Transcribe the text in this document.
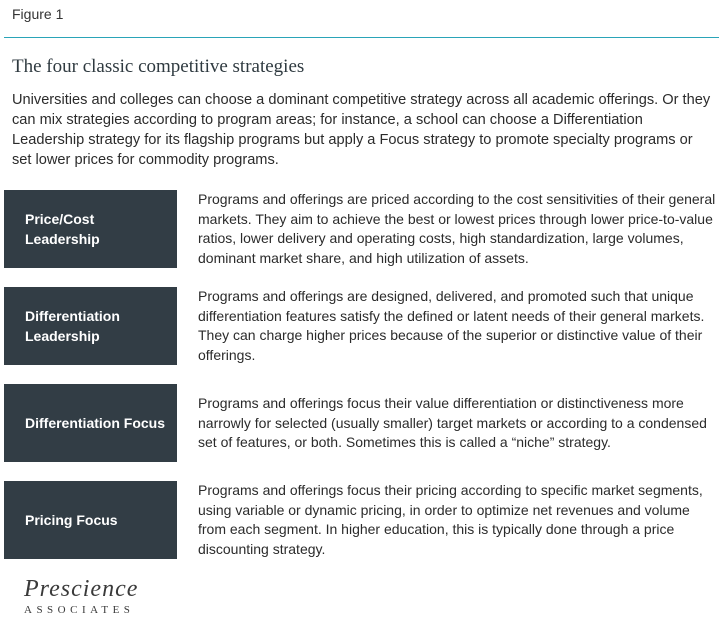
Figure 1
The four classic competitive strategies
Universities and colleges can choose a dominant competitive strategy across all academic offerings. Or they can mix strategies according to program areas; for instance, a school can choose a Differentiation Leadership strategy for its flagship programs but apply a Focus strategy to promote specialty programs or set lower prices for commodity programs.
Price/Cost
Leadership
Programs and offerings are priced according to the cost sensitivities of their general markets. They aim to achieve the best or lowest prices through lower price-to-value ratios, lower delivery and operating costs, high standardization, large volumes, dominant market share, and high utilization of assets.
Differentiation
Leadership
Programs and offerings are designed, delivered, and promoted such that unique differentiation features satisfy the defined or latent needs of their general markets. They can charge higher prices because of the superior or distinctive value of their offerings.
Differentiation Focus
Programs and offerings focus their value differentiation or distinctiveness more narrowly for selected (usually smaller) target markets or according to a condensed set of features, or both. Sometimes this is called a “niche” strategy.
Pricing Focus
Programs and offerings focus their pricing according to specific market segments, using variable or dynamic pricing, in order to optimize net revenues and volume from each segment. In higher education, this is typically done through a price discounting strategy.
Prescience
ASSOCIATES
